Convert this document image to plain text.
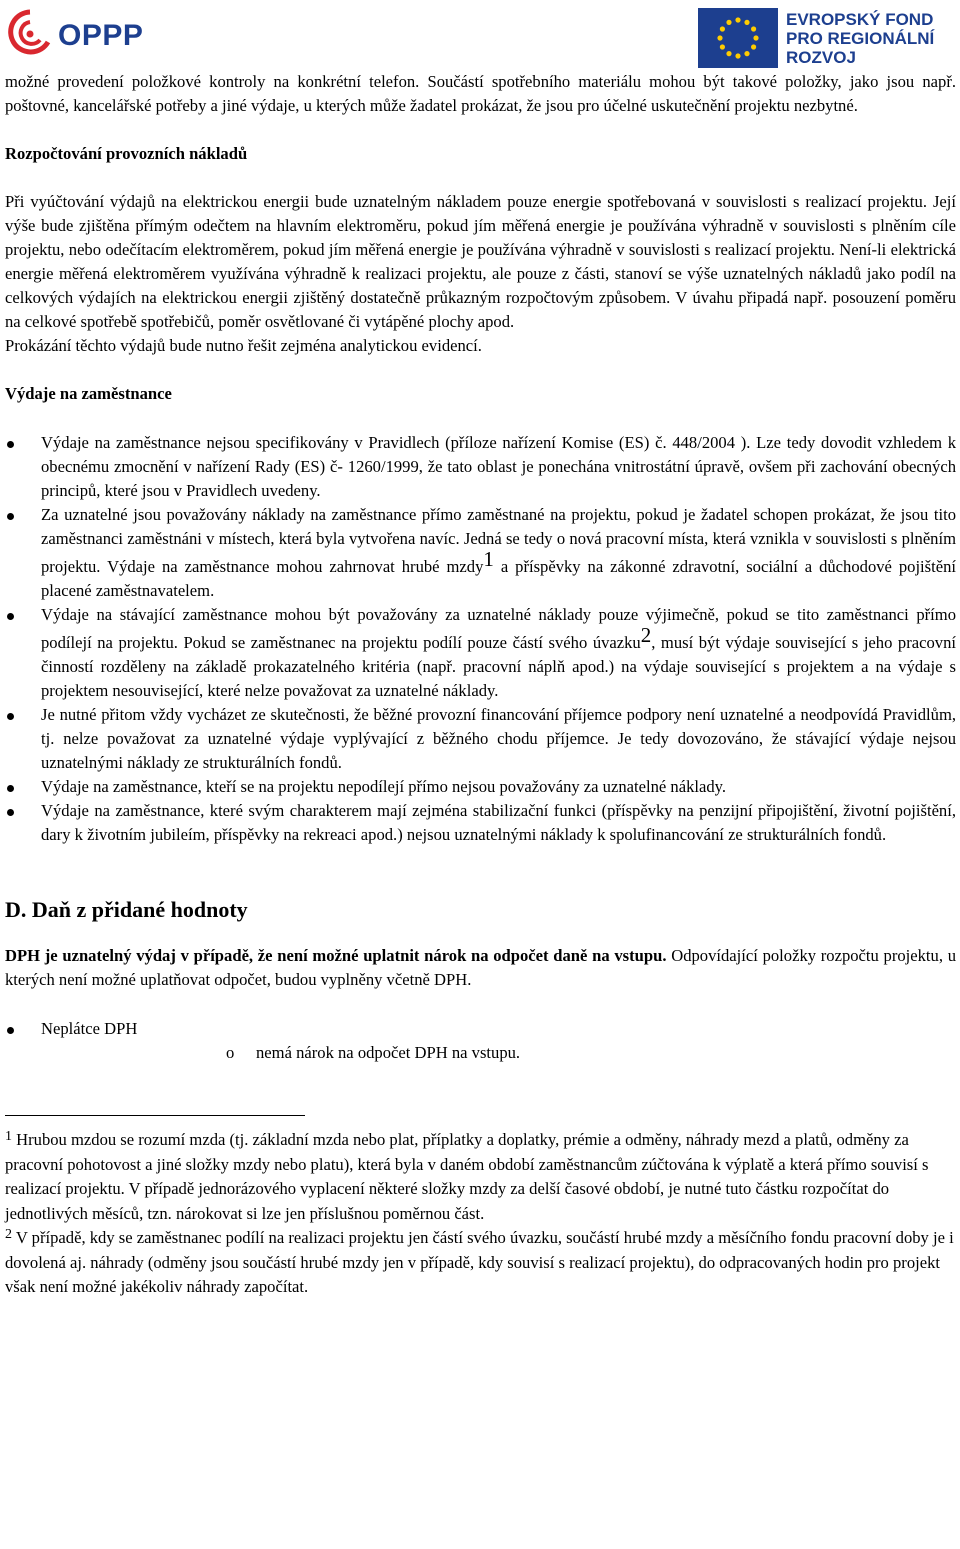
OPPP	EVROPSKÝ FOND
PRO REGIONÁLNÍ
ROZVOJ

možné provedení položkové kontroly na konkrétní telefon. Součástí spotřebního materiálu mohou být takové položky, jako jsou např. poštovné, kancelářské potřeby a jiné výdaje, u kterých může žadatel prokázat, že jsou pro účelné uskutečnění projektu nezbytné.

Rozpočtování provozních nákladů

Při vyúčtování výdajů na elektrickou energii bude uznatelným nákladem pouze energie spotřebovaná v souvislosti s realizací projektu. Její výše bude zjištěna přímým odečtem na hlavním elektroměru, pokud jím měřená energie je používána výhradně v souvislosti s plněním cíle projektu, nebo odečítacím elektroměrem, pokud jím měřená energie je používána výhradně v souvislosti s realizací projektu. Není-li elektrická energie měřená elektroměrem využívána výhradně k realizaci projektu, ale pouze z části, stanoví se výše uznatelných nákladů jako podíl na celkových výdajích na elektrickou energii zjištěný dostatečně průkazným rozpočtovým způsobem. V úvahu připadá např. posouzení poměru na celkové spotřebě spotřebičů, poměr osvětlované či vytápěné plochy apod.

Prokázání těchto výdajů bude nutno řešit zejména analytickou evidencí.

Výdaje na zaměstnance

Výdaje na zaměstnance nejsou specifikovány v Pravidlech (příloze nařízení Komise (ES) č. 448/2004 ). Lze tedy dovodit vzhledem k obecnému zmocnění v nařízení Rady (ES) č- 1260/1999, že tato oblast je ponechána vnitrostátní úpravě, ovšem při zachování obecných principů, které jsou v Pravidlech uvedeny.
Za uznatelné jsou považovány náklady na zaměstnance přímo zaměstnané na projektu, pokud je žadatel schopen prokázat, že jsou tito zaměstnanci zaměstnáni v místech, která byla vytvořena navíc. Jedná se tedy o nová pracovní místa, která vznikla v souvislosti s plněním projektu. Výdaje na zaměstnance mohou zahrnovat hrubé mzdy1 a příspěvky na zákonné zdravotní, sociální a důchodové pojištění placené zaměstnavatelem.
Výdaje na stávající zaměstnance mohou být považovány za uznatelné náklady pouze výjimečně, pokud se tito zaměstnanci přímo podílejí na projektu. Pokud se zaměstnanec na projektu podílí pouze částí svého úvazku2, musí být výdaje související s jeho pracovní činností rozděleny na základě prokazatelného kritéria (např. pracovní náplň apod.) na výdaje související s projektem a na výdaje s projektem nesouvisející, které nelze považovat za uznatelné náklady.
Je nutné přitom vždy vycházet ze skutečnosti, že běžné provozní financování příjemce podpory není uznatelné a neodpovídá Pravidlům, tj. nelze považovat za uznatelné výdaje vyplývající z běžného chodu příjemce. Je tedy dovozováno, že stávající výdaje nejsou uznatelnými náklady ze strukturálních fondů.
Výdaje na zaměstnance, kteří se na projektu nepodílejí přímo nejsou považovány za uznatelné náklady.
Výdaje na zaměstnance, které svým charakterem mají zejména stabilizační funkci (příspěvky na penzijní připojištění, životní pojištění, dary k životním jubileím, příspěvky na rekreaci apod.) nejsou uznatelnými náklady k spolufinancování ze strukturálních fondů.

D. Daň z přidané hodnoty

DPH je uznatelný výdaj v případě, že není možné uplatnit nárok na odpočet daně na vstupu. Odpovídající položky rozpočtu projektu, u kterých není možné uplatňovat odpočet, budou vyplněny včetně DPH.

Neplátce DPH
o	nemá nárok na odpočet DPH na vstupu.

$^1$ Hrubou mzdou se rozumí mzda (tj. základní mzda nebo plat, příplatky a doplatky, prémie a odměny, náhrady mezd a platů, odměny za pracovní pohotovost a jiné složky mzdy nebo platu), která byla v daném období zaměstnancům zúčtována k výplatě a která přímo souvisí s realizací projektu. V případě jednorázového vyplacení některé složky mzdy za delší časové období, je nutné tuto částku rozpočítat do jednotlivých měsíců, tzn. nárokovat si lze jen příslušnou poměrnou část.

$^2$ V případě, kdy se zaměstnanec podílí na realizaci projektu jen částí svého úvazku, součástí hrubé mzdy a měsíčního fondu pracovní doby je i dovolená aj. náhrady (odměny jsou součástí hrubé mzdy jen v případě, kdy souvisí s realizací projektu), do odpracovaných hodin pro projekt však není možné jakékoliv náhrady započítat.
